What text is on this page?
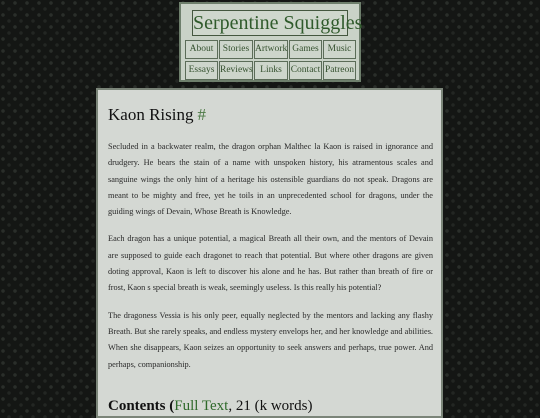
Serpentine Squiggles
About Stories Artwork Games Music
Essays Reviews Links Contact Patreon
Kaon Rising #

Secluded in a backwater realm, the dragon orphan Malthec la Kaon is raised in ignorance and drudgery. He bears the stain of a name with unspoken history, his atramentous scales and sanguine wings the only hint of a heritage his ostensible guardians do not speak. Dragons are meant to be mighty and free, yet he toils in an unprecedented school for dragons, under the guiding wings of Devain, Whose Breath is Knowledge.

Each dragon has a unique potential, a magical Breath all their own, and the mentors of Devain are supposed to guide each dragonet to reach that potential. But where other dragons are given doting approval, Kaon is left to discover his alone and he has. But rather than breath of fire or frost, Kaon s special breath is weak, seemingly useless. Is this really his potential?

The dragoness Vessia is his only peer, equally neglected by the mentors and lacking any flashy Breath. But she rarely speaks, and endless mystery envelops her, and her knowledge and abilities. When she disappears, Kaon seizes an opportunity to seek answers and perhaps, true power. And perhaps, companionship.

Contents (Full Text, 21 (k words)
